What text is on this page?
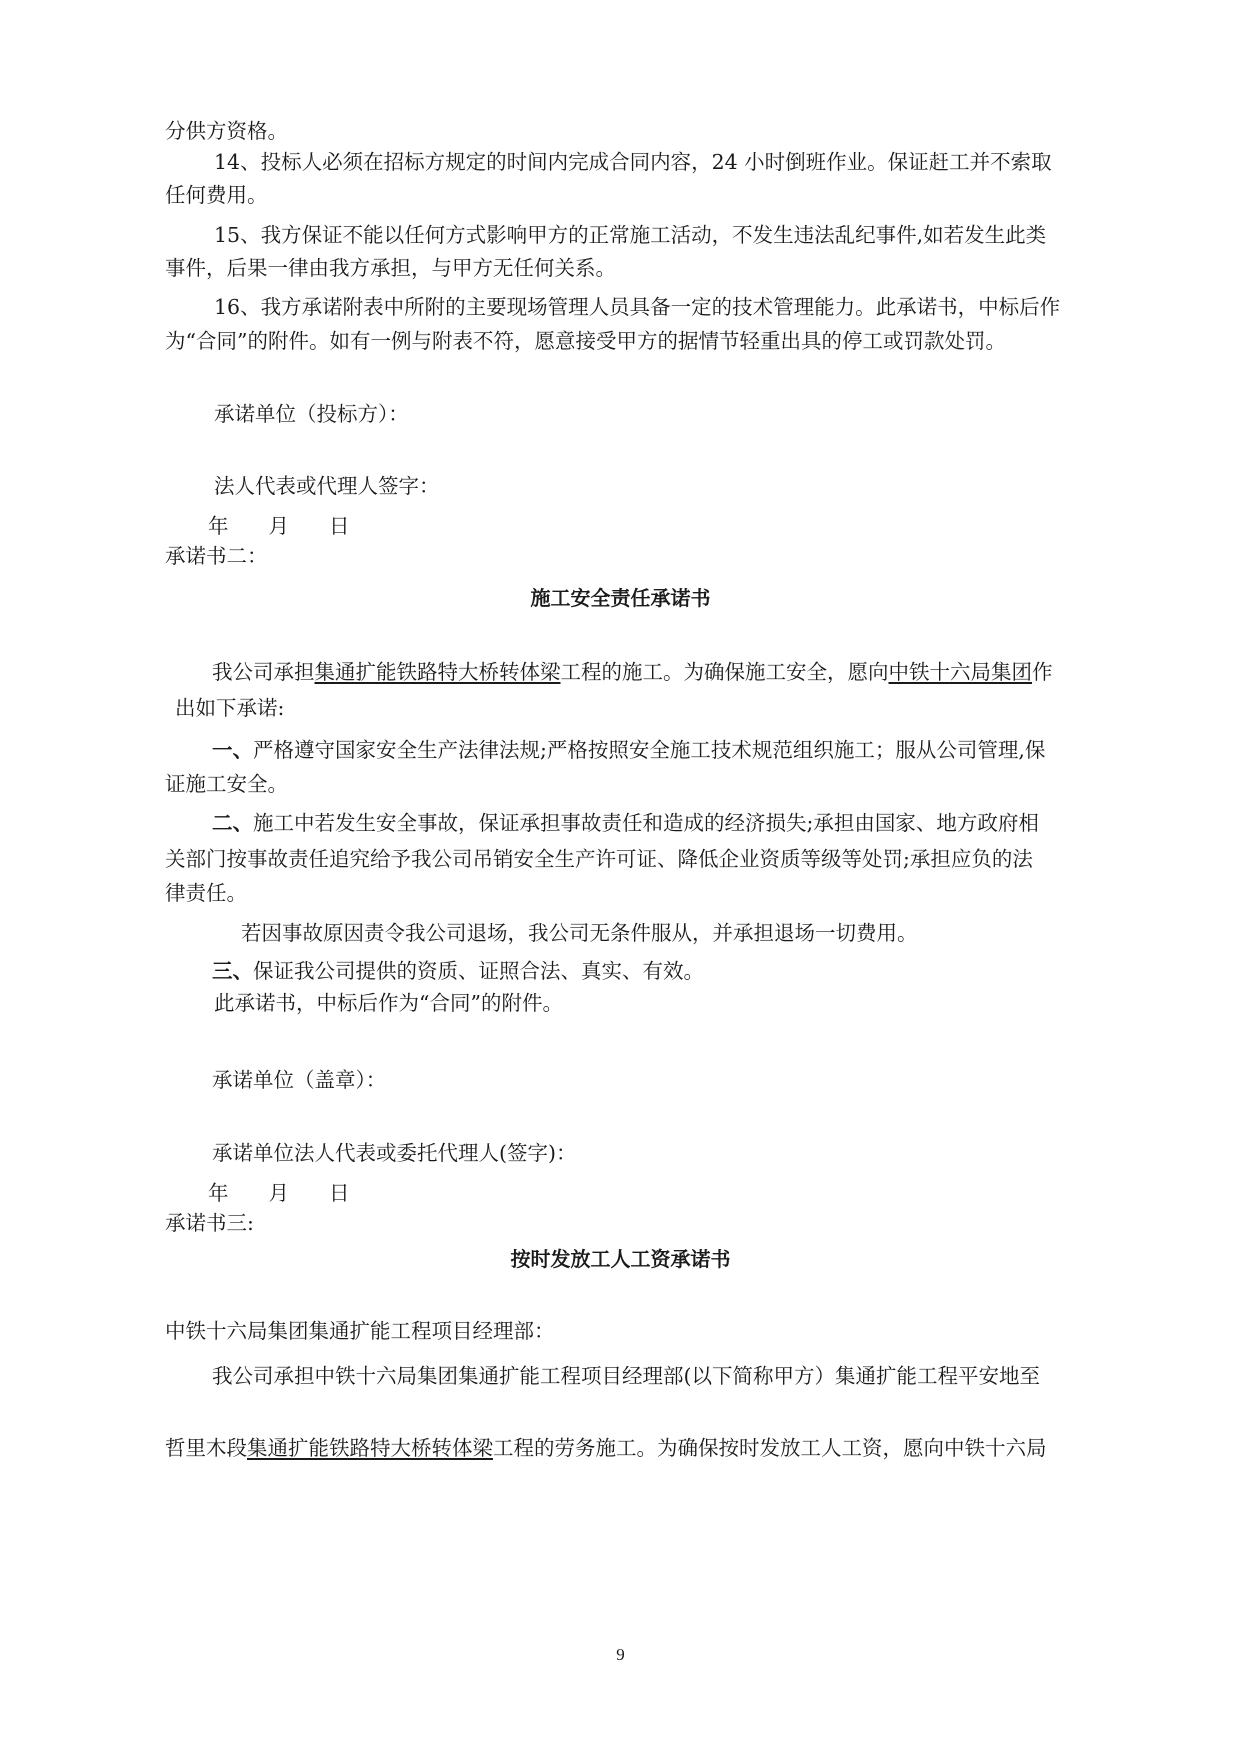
分供方资格。
14、投标人必须在招标方规定的时间内完成合同内容，24 小时倒班作业。保证赶工并不索取
任何费用。
15、我方保证不能以任何方式影响甲方的正常施工活动，不发生违法乱纪事件,如若发生此类
事件，后果一律由我方承担，与甲方无任何关系。
16、我方承诺附表中所附的主要现场管理人员具备一定的技术管理能力。此承诺书，中标后作
为“合同”的附件。如有一例与附表不符，愿意接受甲方的据情节轻重出具的停工或罚款处罚。
承诺单位（投标方）：
法人代表或代理人签字：
年 月 日
承诺书二：
施工安全责任承诺书
我公司承担集通扩能铁路特大桥转体梁工程的施工。为确保施工安全，愿向中铁十六局集团作
出如下承诺:
一、严格遵守国家安全生产法律法规;严格按照安全施工技术规范组织施工；服从公司管理,保
证施工安全。
二、施工中若发生安全事故，保证承担事故责任和造成的经济损失;承担由国家、地方政府相
关部门按事故责任追究给予我公司吊销安全生产许可证、降低企业资质等级等处罚;承担应负的法
律责任。
若因事故原因责令我公司退场，我公司无条件服从，并承担退场一切费用。
三、保证我公司提供的资质、证照合法、真实、有效。
此承诺书，中标后作为“合同”的附件。
承诺单位（盖章）：
承诺单位法人代表或委托代理人(签字)：
年 月 日
承诺书三:
按时发放工人工资承诺书
中铁十六局集团集通扩能工程项目经理部：
我公司承担中铁十六局集团集通扩能工程项目经理部(以下简称甲方）集通扩能工程平安地至
哲里木段集通扩能铁路特大桥转体梁工程的劳务施工。为确保按时发放工人工资，愿向中铁十六局
9
